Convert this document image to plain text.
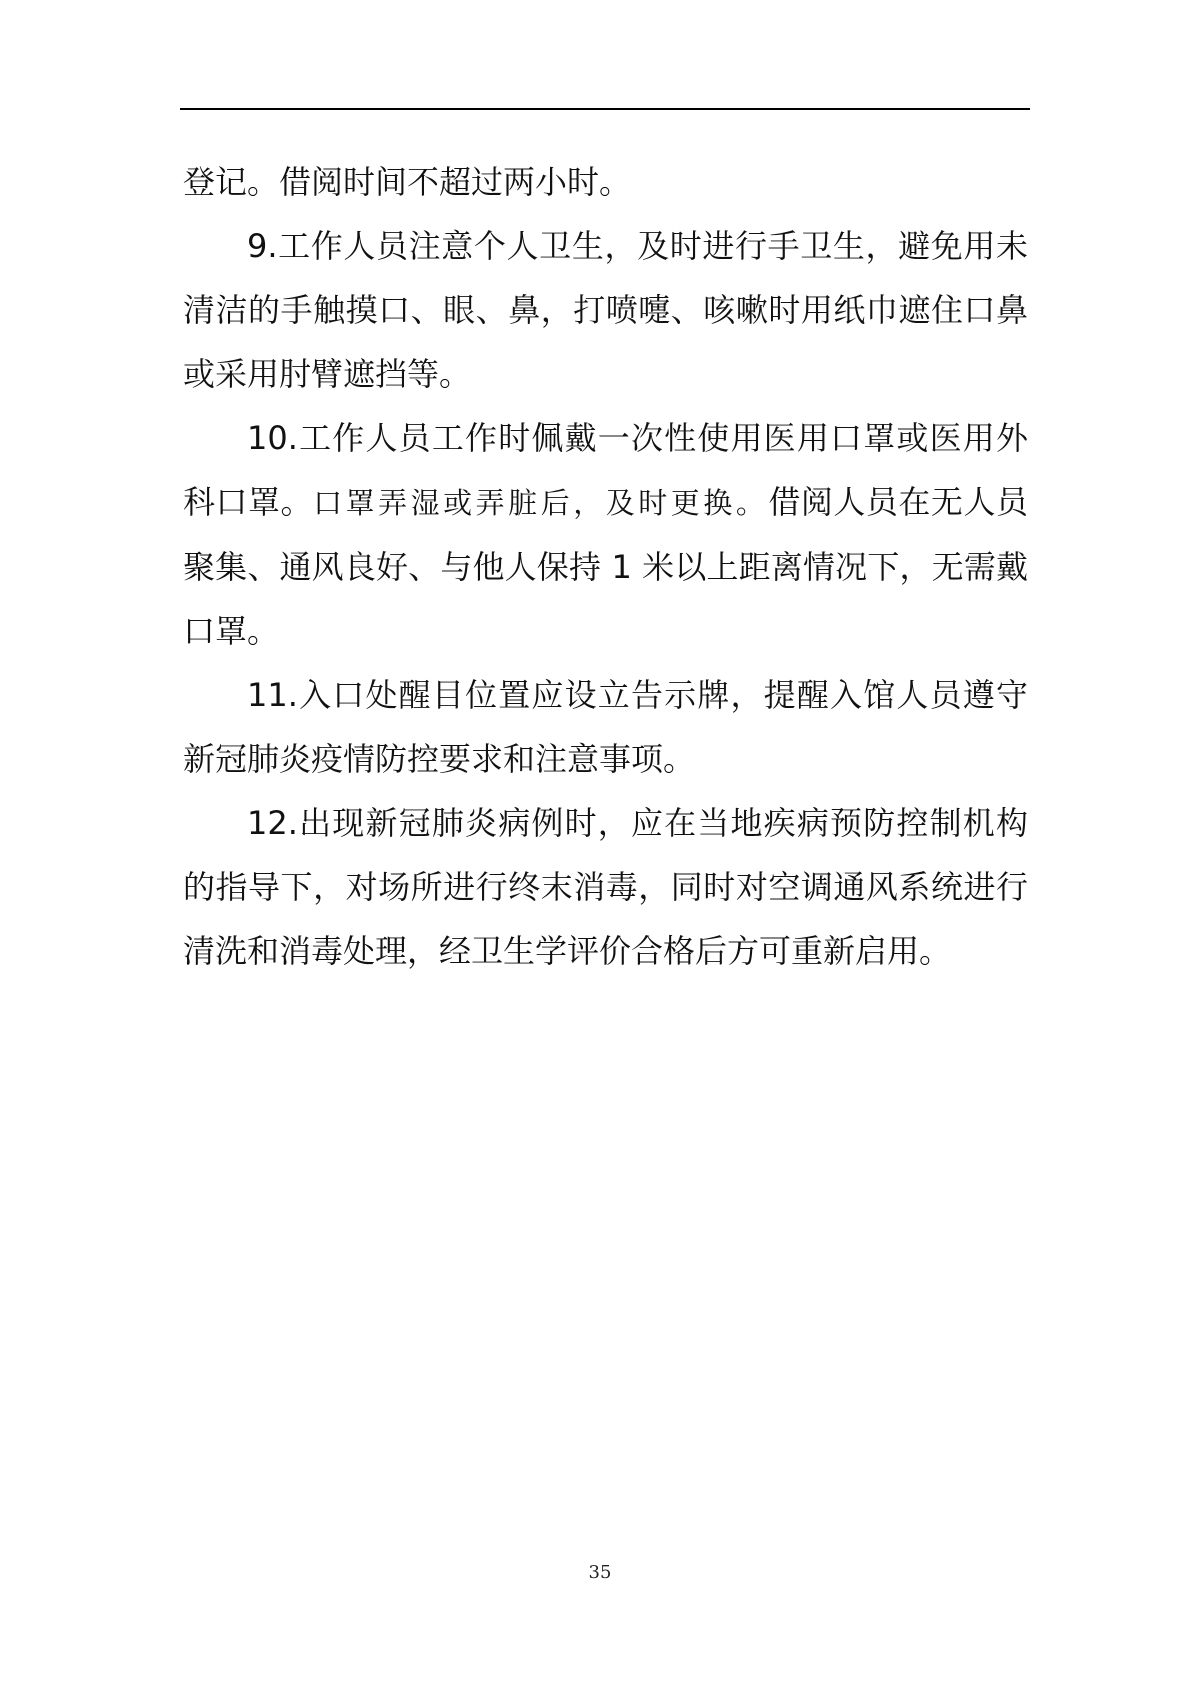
登记。借阅时间不超过两小时。

9.工作人员注意个人卫生，及时进行手卫生，避免用未清洁的手触摸口、眼、鼻，打喷嚏、咳嗽时用纸巾遮住口鼻或采用肘臂遮挡等。

10.工作人员工作时佩戴一次性使用医用口罩或医用外科口罩。口罩弄湿或弄脏后，及时更换。借阅人员在无人员聚集、通风良好、与他人保持 1 米以上距离情况下，无需戴口罩。

11.入口处醒目位置应设立告示牌，提醒入馆人员遵守新冠肺炎疫情防控要求和注意事项。

12.出现新冠肺炎病例时，应在当地疾病预防控制机构的指导下，对场所进行终末消毒，同时对空调通风系统进行清洗和消毒处理，经卫生学评价合格后方可重新启用。

35
